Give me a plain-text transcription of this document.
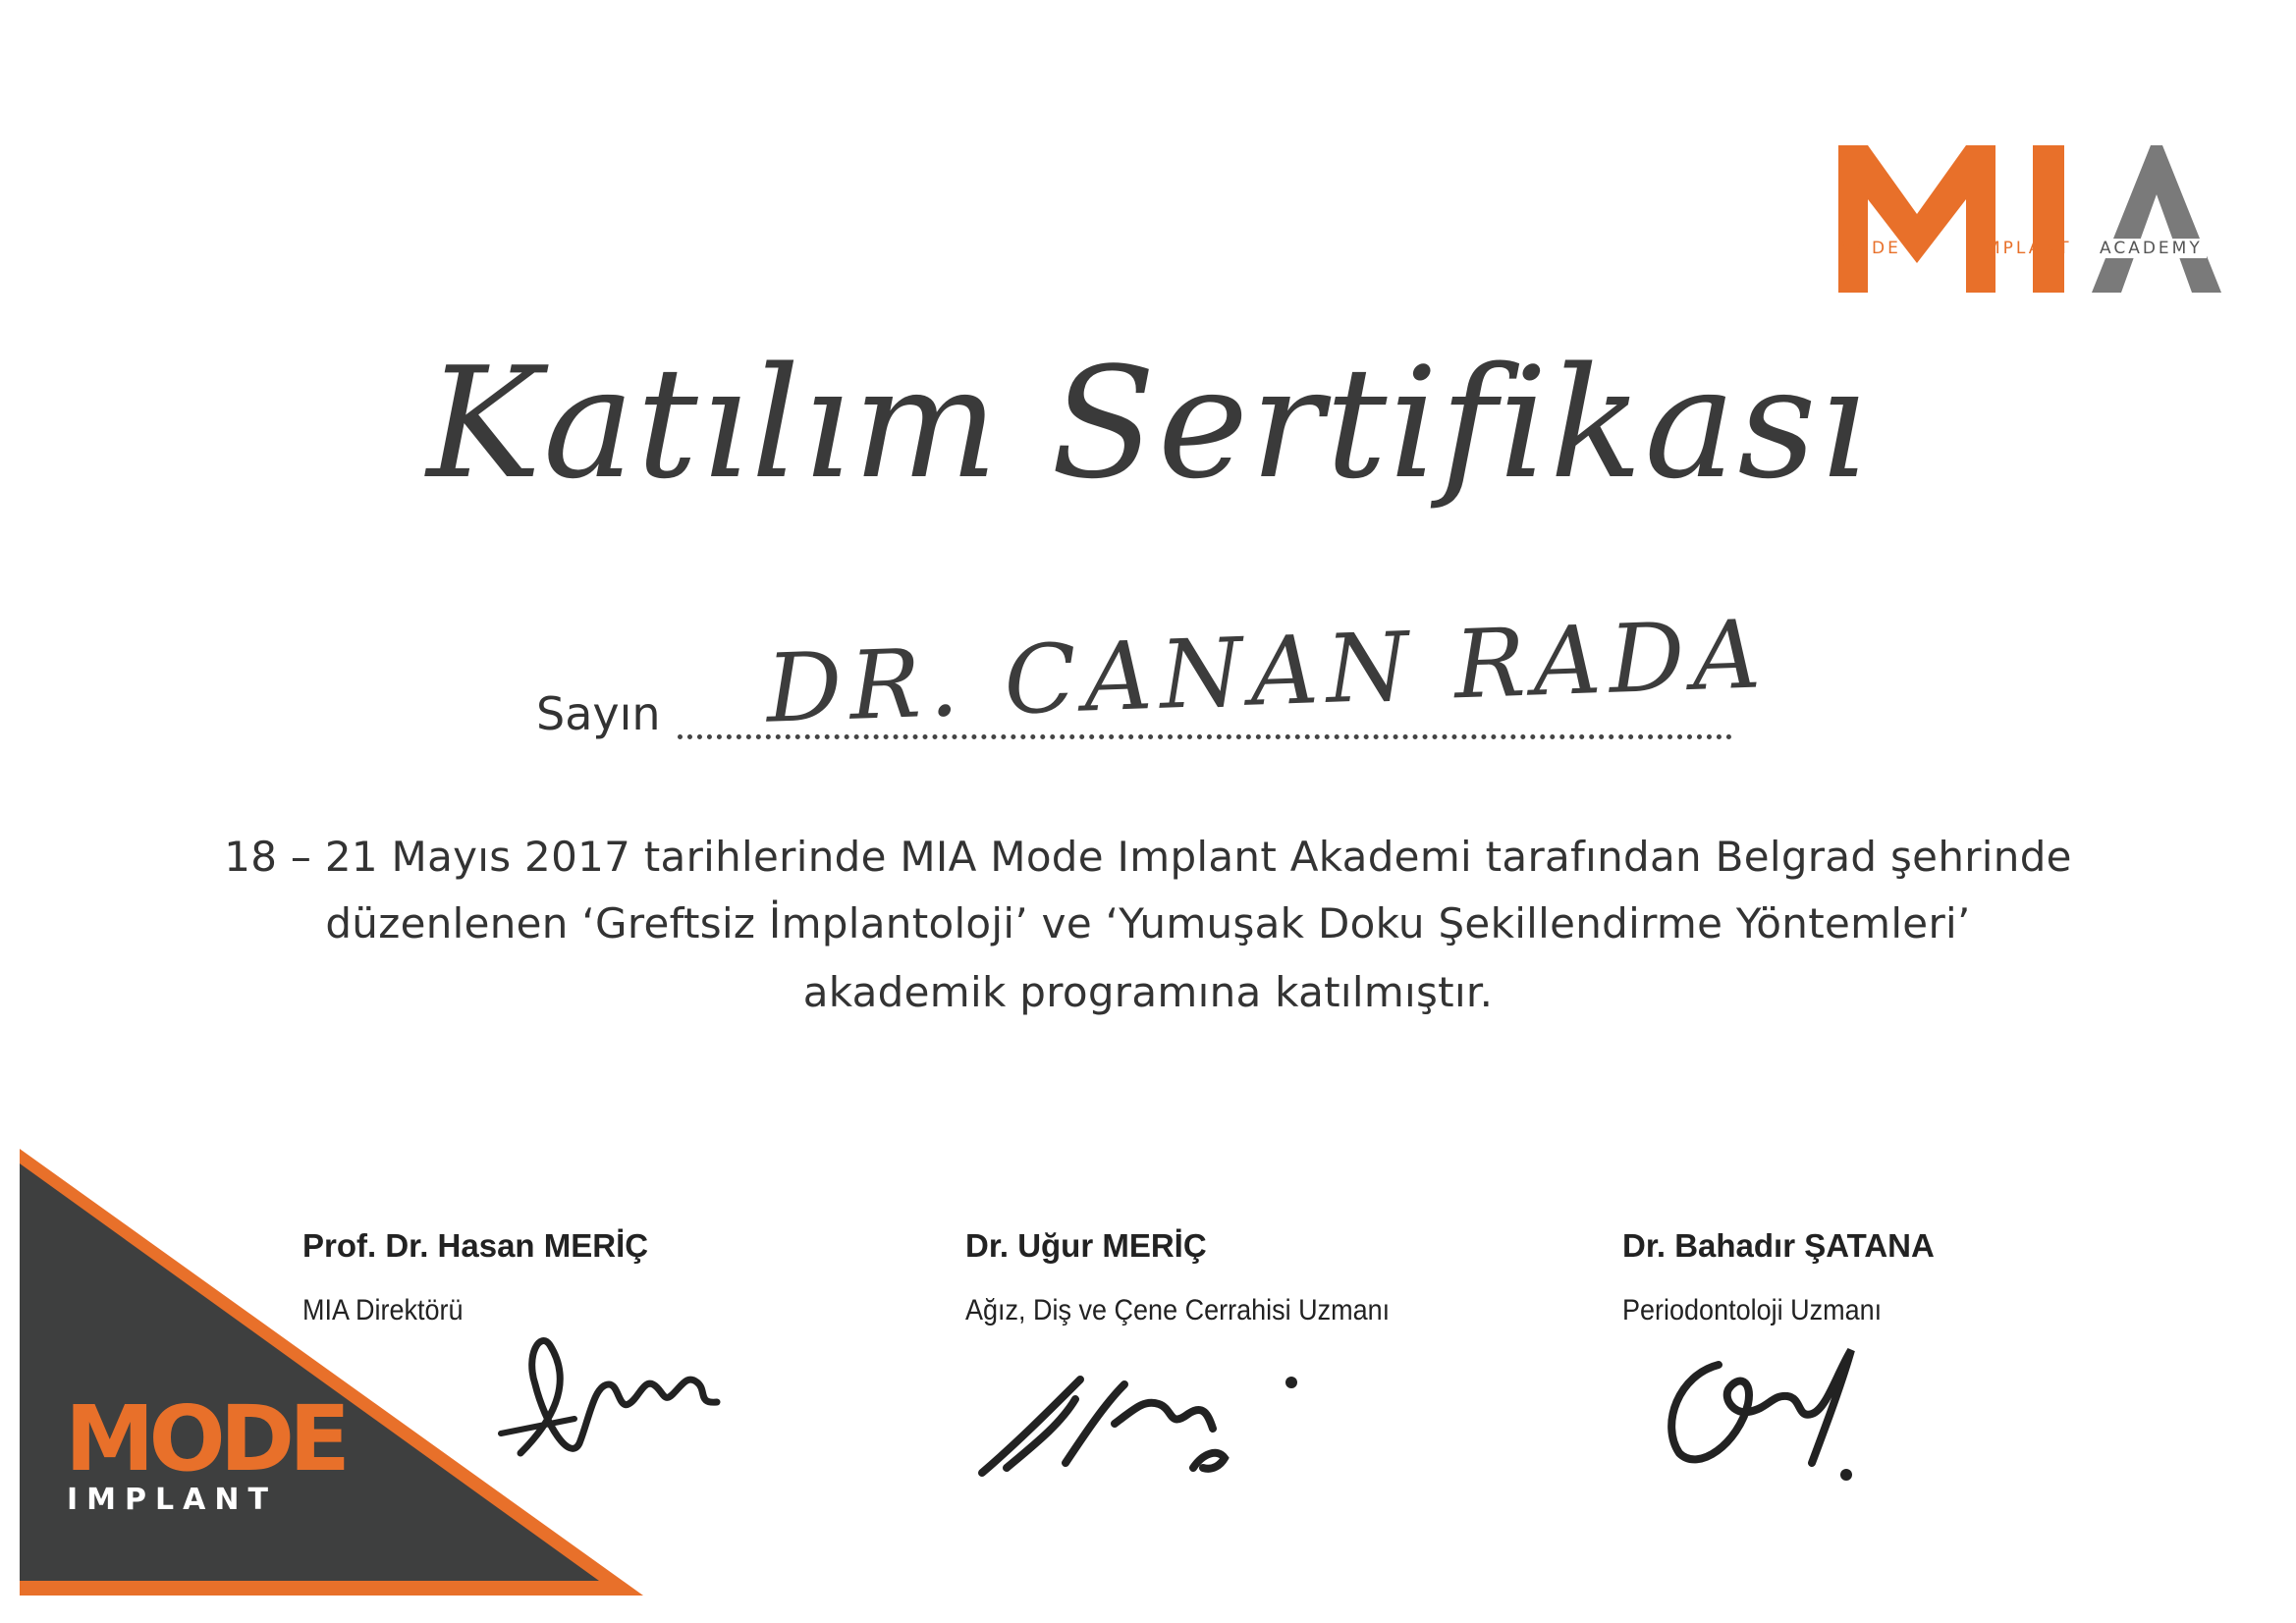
MODE	IMPLANT ACADEMY
Katılım Sertifikası
Sayın DR. CANAN RADA
18 – 21 Mayıs 2017 tarihlerinde MIA Mode Implant Akademi tarafından Belgrad şehrinde
düzenlenen ‘Greftsiz İmplantoloji’ ve ‘Yumuşak Doku Şekillendirme Yöntemleri’
akademik programına katılmıştır.
MODE
IMPLANT
Prof. Dr. Hasan MERİÇ
MIA Direktörü
Dr. Uğur MERİÇ
Ağız, Diş ve Çene Cerrahisi Uzmanı
Dr. Bahadır ŞATANA
Periodontoloji Uzmanı
